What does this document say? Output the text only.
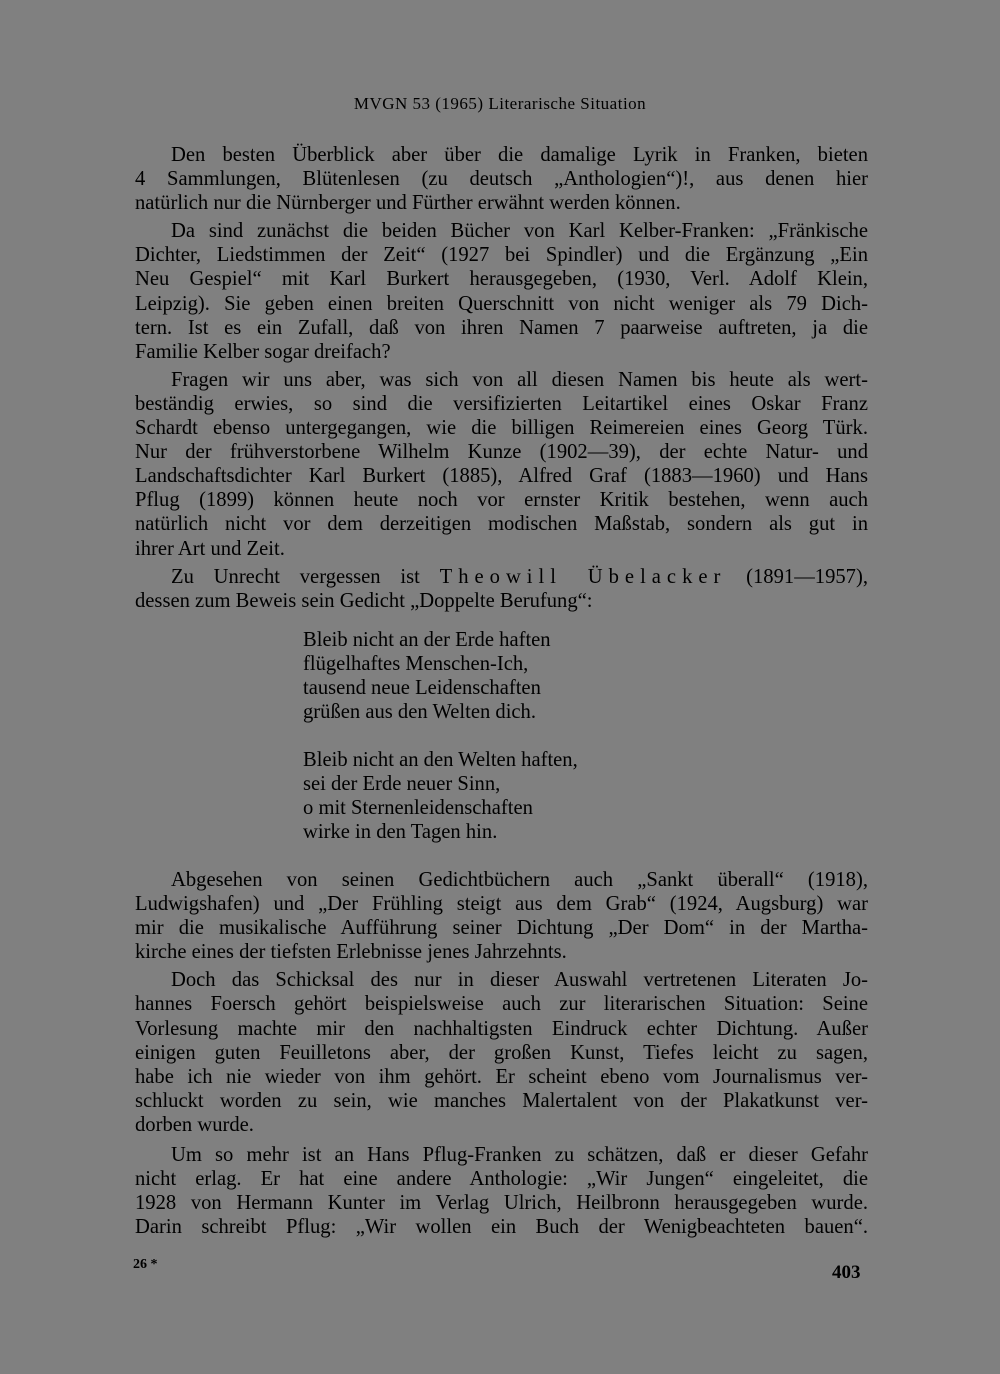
MVGN 53 (1965) Literarische Situation

Den besten Überblick aber über die damalige Lyrik in Franken, bieten
4 Sammlungen, Blütenlesen (zu deutsch „Anthologien“)!, aus denen hier
natürlich nur die Nürnberger und Fürther erwähnt werden können.

Da sind zunächst die beiden Bücher von Karl Kelber-Franken: „Fränkische
Dichter, Liedstimmen der Zeit“ (1927 bei Spindler) und die Ergänzung „Ein
Neu Gespiel“ mit Karl Burkert herausgegeben, (1930, Verl. Adolf Klein,
Leipzig). Sie geben einen breiten Querschnitt von nicht weniger als 79 Dich-
tern. Ist es ein Zufall, daß von ihren Namen 7 paarweise auftreten, ja die
Familie Kelber sogar dreifach?

Fragen wir uns aber, was sich von all diesen Namen bis heute als wert-
beständig erwies, so sind die versifizierten Leitartikel eines Oskar Franz
Schardt ebenso untergegangen, wie die billigen Reimereien eines Georg Türk.
Nur der frühverstorbene Wilhelm Kunze (1902—39), der echte Natur- und
Landschaftsdichter Karl Burkert (1885), Alfred Graf (1883—1960) und Hans
Pflug (1899) können heute noch vor ernster Kritik bestehen, wenn auch
natürlich nicht vor dem derzeitigen modischen Maßstab, sondern als gut in
ihrer Art und Zeit.

Zu Unrecht vergessen ist Theowill Übelacker (1891—1957),
dessen zum Beweis sein Gedicht „Doppelte Berufung“:

Bleib nicht an der Erde haften
flügelhaftes Menschen-Ich,
tausend neue Leidenschaften
grüßen aus den Welten dich.
Bleib nicht an den Welten haften,
sei der Erde neuer Sinn,
o mit Sternenleidenschaften
wirke in den Tagen hin.

Abgesehen von seinen Gedichtbüchern auch „Sankt überall“ (1918),
Ludwigshafen) und „Der Frühling steigt aus dem Grab“ (1924, Augsburg) war
mir die musikalische Aufführung seiner Dichtung „Der Dom“ in der Martha-
kirche eines der tiefsten Erlebnisse jenes Jahrzehnts.

Doch das Schicksal des nur in dieser Auswahl vertretenen Literaten Jo-
hannes Foersch gehört beispielsweise auch zur literarischen Situation: Seine
Vorlesung machte mir den nachhaltigsten Eindruck echter Dichtung. Außer
einigen guten Feuilletons aber, der großen Kunst, Tiefes leicht zu sagen,
habe ich nie wieder von ihm gehört. Er scheint ebeno vom Journalismus ver-
schluckt worden zu sein, wie manches Malertalent von der Plakatkunst ver-
dorben wurde.

Um so mehr ist an Hans Pflug-Franken zu schätzen, daß er dieser Gefahr
nicht erlag. Er hat eine andere Anthologie: „Wir Jungen“ eingeleitet, die
1928 von Hermann Kunter im Verlag Ulrich, Heilbronn herausgegeben wurde.
Darin schreibt Pflug: „Wir wollen ein Buch der Wenigbeachteten bauen“.

26 *	403
